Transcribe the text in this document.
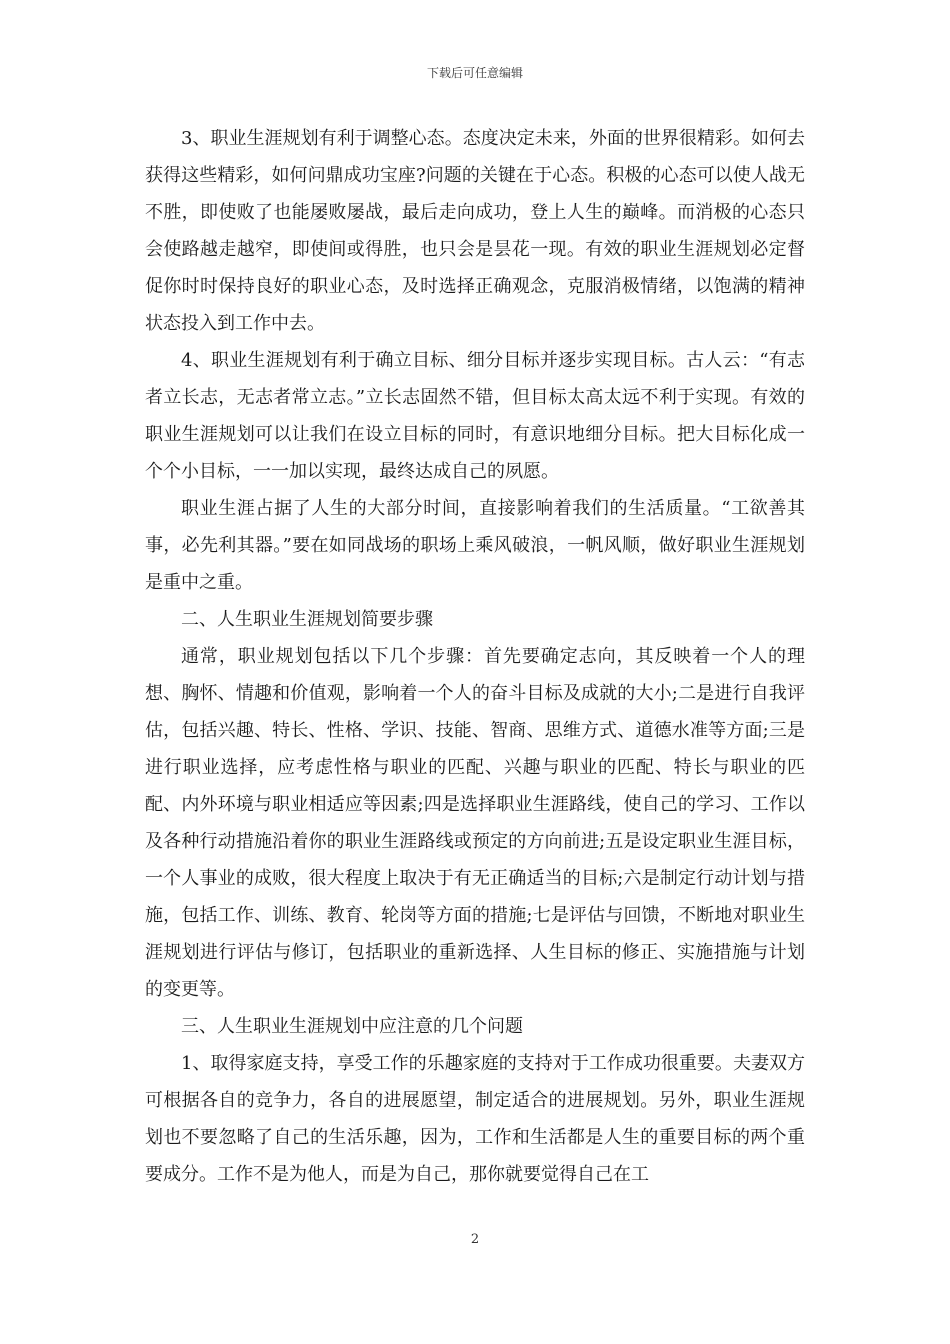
下载后可任意编辑

3、职业生涯规划有利于调整心态。态度决定未来，外面的世界很精彩。如何去获得这些精彩，如何问鼎成功宝座?问题的关键在于心态。积极的心态可以使人战无不胜，即使败了也能屡败屡战，最后走向成功，登上人生的巅峰。而消极的心态只会使路越走越窄，即使间或得胜，也只会是昙花一现。有效的职业生涯规划必定督促你时时保持良好的职业心态，及时选择正确观念，克服消极情绪，以饱满的精神状态投入到工作中去。

4、职业生涯规划有利于确立目标、细分目标并逐步实现目标。古人云：“有志者立长志，无志者常立志。”立长志固然不错，但目标太高太远不利于实现。有效的职业生涯规划可以让我们在设立目标的同时，有意识地细分目标。把大目标化成一个个小目标，一一加以实现，最终达成自己的夙愿。

职业生涯占据了人生的大部分时间，直接影响着我们的生活质量。“工欲善其事，必先利其器。”要在如同战场的职场上乘风破浪，一帆风顺，做好职业生涯规划是重中之重。

二、人生职业生涯规划简要步骤

通常，职业规划包括以下几个步骤：首先要确定志向，其反映着一个人的理想、胸怀、情趣和价值观，影响着一个人的奋斗目标及成就的大小;二是进行自我评估，包括兴趣、特长、性格、学识、技能、智商、思维方式、道德水准等方面;三是进行职业选择，应考虑性格与职业的匹配、兴趣与职业的匹配、特长与职业的匹配、内外环境与职业相适应等因素;四是选择职业生涯路线，使自己的学习、工作以及各种行动措施沿着你的职业生涯路线或预定的方向前进;五是设定职业生涯目标，一个人事业的成败，很大程度上取决于有无正确适当的目标;六是制定行动计划与措施，包括工作、训练、教育、轮岗等方面的措施;七是评估与回馈，不断地对职业生涯规划进行评估与修订，包括职业的重新选择、人生目标的修正、实施措施与计划的变更等。

三、人生职业生涯规划中应注意的几个问题

1、取得家庭支持，享受工作的乐趣家庭的支持对于工作成功很重要。夫妻双方可根据各自的竞争力，各自的进展愿望，制定适合的进展规划。另外，职业生涯规划也不要忽略了自己的生活乐趣，因为，工作和生活都是人生的重要目标的两个重要成分。工作不是为他人，而是为自己，那你就要觉得自己在工

2
